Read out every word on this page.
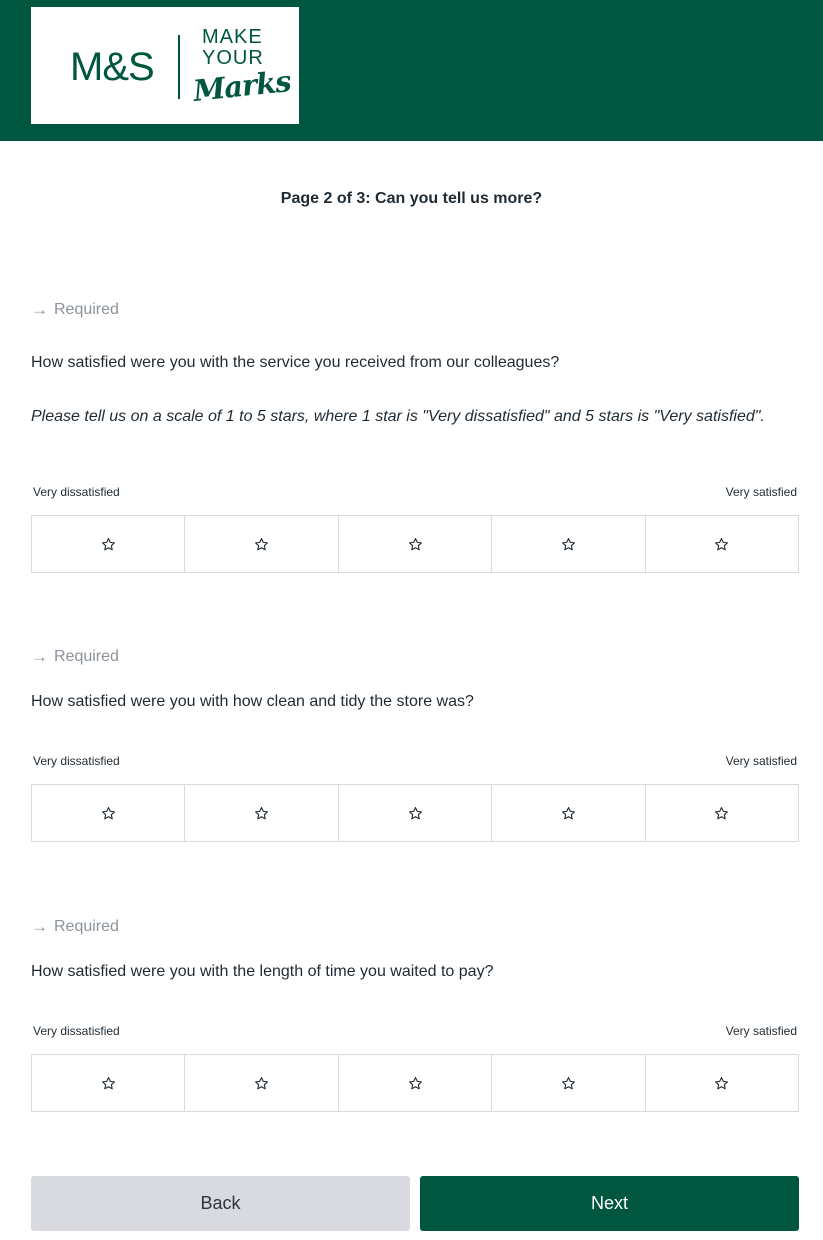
M&S
MAKE
YOUR
Marks
Page 2 of 3: Can you tell us more?
→ Required
How satisfied were you with the service you received from our colleagues?
Please tell us on a scale of 1 to 5 stars, where 1 star is "Very dissatisfied" and 5 stars is "Very satisfied".
Very dissatisfied	Very satisfied
→ Required
How satisfied were you with how clean and tidy the store was?
Very dissatisfied	Very satisfied
→ Required
How satisfied were you with the length of time you waited to pay?
Very dissatisfied	Very satisfied
Back	Next
